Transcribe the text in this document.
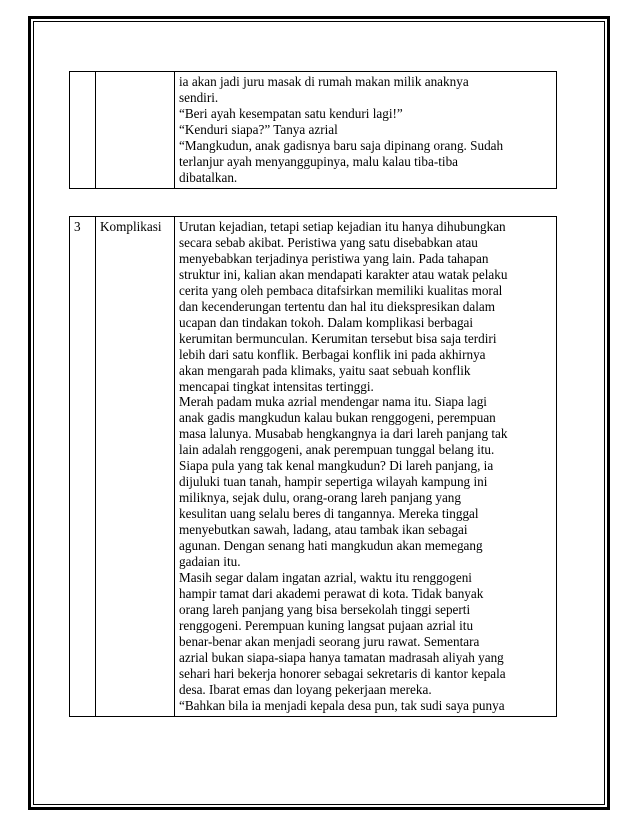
ia akan jadi juru masak di rumah makan milik anaknya
sendiri.
“Beri ayah kesempatan satu kenduri lagi!”
“Kenduri siapa?” Tanya azrial
“Mangkudun, anak gadisnya baru saja dipinang orang. Sudah
terlanjur ayah menyanggupinya, malu kalau tiba-tiba
dibatalkan.
3	Komplikasi	Urutan kejadian, tetapi setiap kejadian itu hanya dihubungkan
secara sebab akibat. Peristiwa yang satu disebabkan atau
menyebabkan terjadinya peristiwa yang lain. Pada tahapan
struktur ini, kalian akan mendapati karakter atau watak pelaku
cerita yang oleh pembaca ditafsirkan memiliki kualitas moral
dan kecenderungan tertentu dan hal itu diekspresikan dalam
ucapan dan tindakan tokoh. Dalam komplikasi berbagai
kerumitan bermunculan. Kerumitan tersebut bisa saja terdiri
lebih dari satu konflik. Berbagai konflik ini pada akhirnya
akan mengarah pada klimaks, yaitu saat sebuah konflik
mencapai tingkat intensitas tertinggi.
Merah padam muka azrial mendengar nama itu. Siapa lagi
anak gadis mangkudun kalau bukan renggogeni, perempuan
masa lalunya. Musabab hengkangnya ia dari lareh panjang tak
lain adalah renggogeni, anak perempuan tunggal belang itu.
Siapa pula yang tak kenal mangkudun? Di lareh panjang, ia
dijuluki tuan tanah, hampir sepertiga wilayah kampung ini
miliknya, sejak dulu, orang-orang lareh panjang yang
kesulitan uang selalu beres di tangannya. Mereka tinggal
menyebutkan sawah, ladang, atau tambak ikan sebagai
agunan. Dengan senang hati mangkudun akan memegang
gadaian itu.
Masih segar dalam ingatan azrial, waktu itu renggogeni
hampir tamat dari akademi perawat di kota. Tidak banyak
orang lareh panjang yang bisa bersekolah tinggi seperti
renggogeni. Perempuan kuning langsat pujaan azrial itu
benar-benar akan menjadi seorang juru rawat. Sementara
azrial bukan siapa-siapa hanya tamatan madrasah aliyah yang
sehari hari bekerja honorer sebagai sekretaris di kantor kepala
desa. Ibarat emas dan loyang pekerjaan mereka.
“Bahkan bila ia menjadi kepala desa pun, tak sudi saya punya
